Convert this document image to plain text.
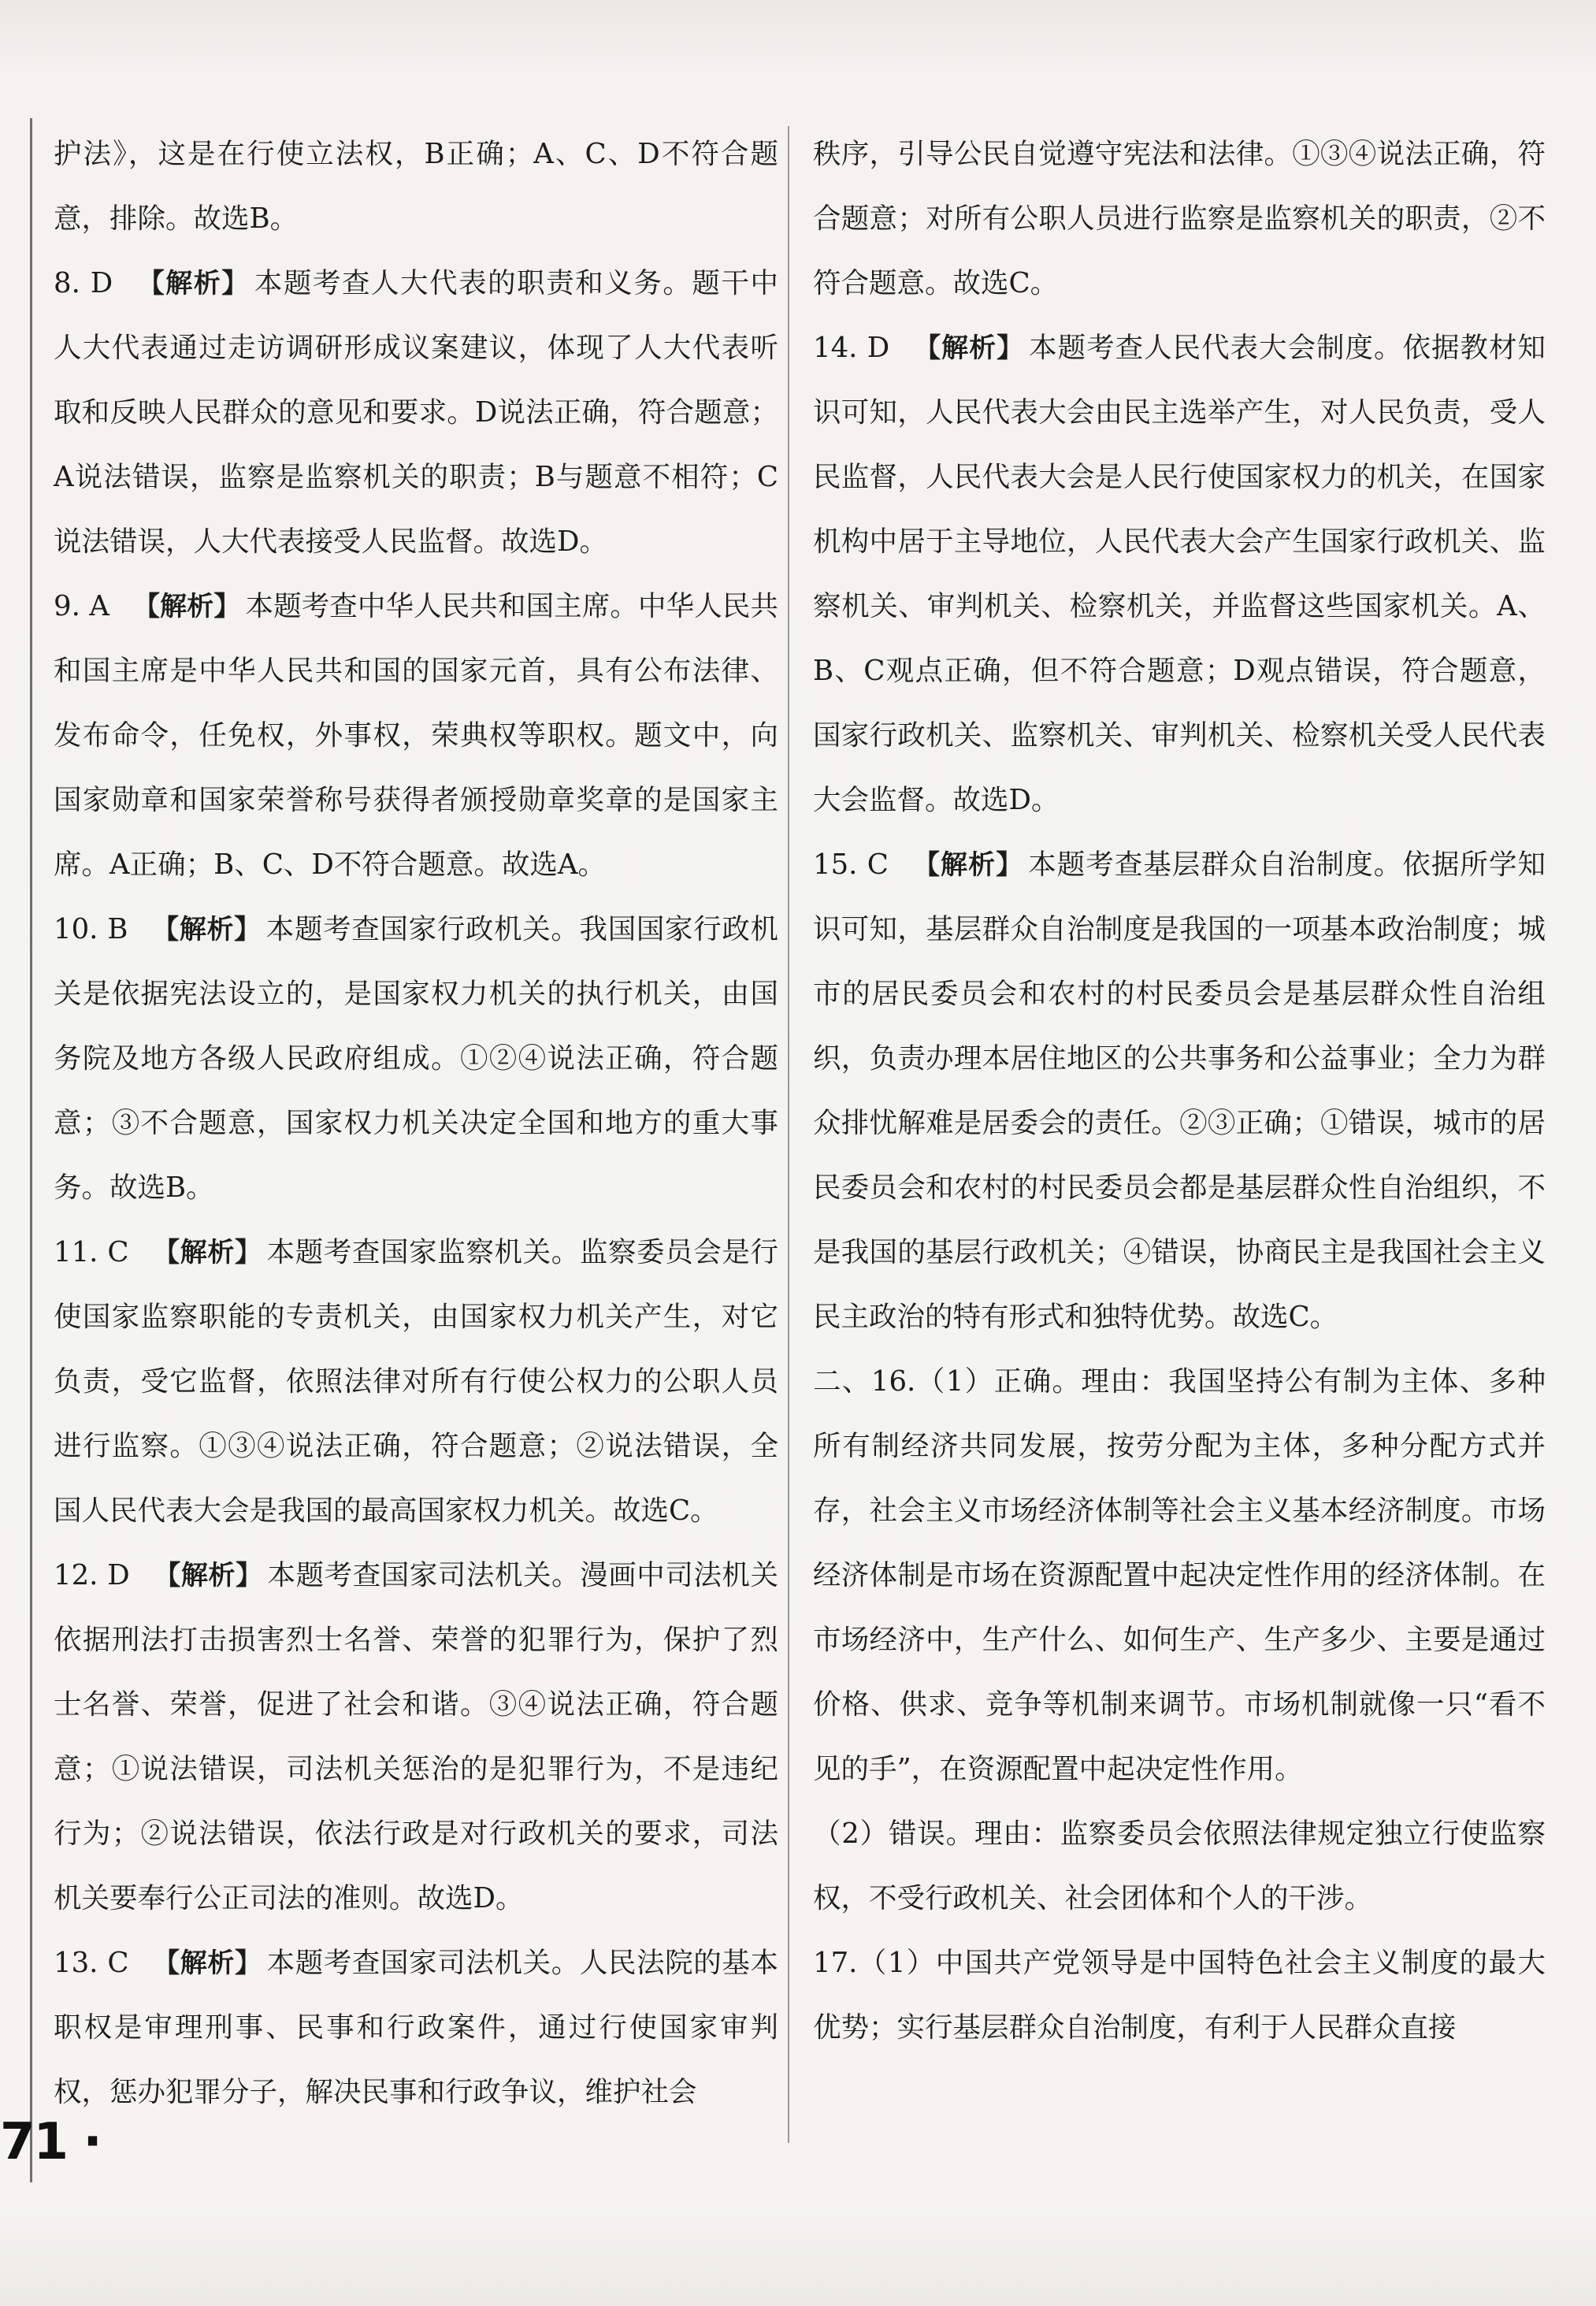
护法》，这是在行使立法权，B正确；A、C、D不符合题意，排除。故选B。

8. D 【解析】 本题考查人大代表的职责和义务。题干中人大代表通过走访调研形成议案建议，体现了人大代表听取和反映人民群众的意见和要求。D说法正确，符合题意；A说法错误，监察是监察机关的职责；B与题意不相符；C说法错误，人大代表接受人民监督。故选D。

9. A 【解析】 本题考查中华人民共和国主席。中华人民共和国主席是中华人民共和国的国家元首，具有公布法律、发布命令，任免权，外事权，荣典权等职权。题文中，向国家勋章和国家荣誉称号获得者颁授勋章奖章的是国家主席。A正确；B、C、D不符合题意。故选A。

10. B 【解析】 本题考查国家行政机关。我国国家行政机关是依据宪法设立的，是国家权力机关的执行机关，由国务院及地方各级人民政府组成。①②④说法正确，符合题意；③不合题意，国家权力机关决定全国和地方的重大事务。故选B。

11. C 【解析】 本题考查国家监察机关。监察委员会是行使国家监察职能的专责机关，由国家权力机关产生，对它负责，受它监督，依照法律对所有行使公权力的公职人员进行监察。①③④说法正确，符合题意；②说法错误，全国人民代表大会是我国的最高国家权力机关。故选C。

12. D 【解析】 本题考查国家司法机关。漫画中司法机关依据刑法打击损害烈士名誉、荣誉的犯罪行为，保护了烈士名誉、荣誉，促进了社会和谐。③④说法正确，符合题意；①说法错误，司法机关惩治的是犯罪行为，不是违纪行为；②说法错误，依法行政是对行政机关的要求，司法机关要奉行公正司法的准则。故选D。

13. C 【解析】 本题考查国家司法机关。人民法院的基本职权是审理刑事、民事和行政案件，通过行使国家审判权，惩办犯罪分子，解决民事和行政争议，维护社会

秩序，引导公民自觉遵守宪法和法律。①③④说法正确，符合题意；对所有公职人员进行监察是监察机关的职责，②不符合题意。故选C。

14. D 【解析】 本题考查人民代表大会制度。依据教材知识可知，人民代表大会由民主选举产生，对人民负责，受人民监督，人民代表大会是人民行使国家权力的机关，在国家机构中居于主导地位，人民代表大会产生国家行政机关、监察机关、审判机关、检察机关，并监督这些国家机关。A、B、C观点正确，但不符合题意；D观点错误，符合题意，国家行政机关、监察机关、审判机关、检察机关受人民代表大会监督。故选D。

15. C 【解析】 本题考查基层群众自治制度。依据所学知识可知，基层群众自治制度是我国的一项基本政治制度；城市的居民委员会和农村的村民委员会是基层群众性自治组织，负责办理本居住地区的公共事务和公益事业；全力为群众排忧解难是居委会的责任。②③正确；①错误，城市的居民委员会和农村的村民委员会都是基层群众性自治组织，不是我国的基层行政机关；④错误，协商民主是我国社会主义民主政治的特有形式和独特优势。故选C。

二、16.（1）正确。理由：我国坚持公有制为主体、多种所有制经济共同发展，按劳分配为主体，多种分配方式并存，社会主义市场经济体制等社会主义基本经济制度。市场经济体制是市场在资源配置中起决定性作用的经济体制。在市场经济中，生产什么、如何生产、生产多少、主要是通过价格、供求、竞争等机制来调节。市场机制就像一只“看不见的手”，在资源配置中起决定性作用。

（2）错误。理由：监察委员会依照法律规定独立行使监察权，不受行政机关、社会团体和个人的干涉。

17.（1）中国共产党领导是中国特色社会主义制度的最大优势；实行基层群众自治制度，有利于人民群众直接

71 ·
